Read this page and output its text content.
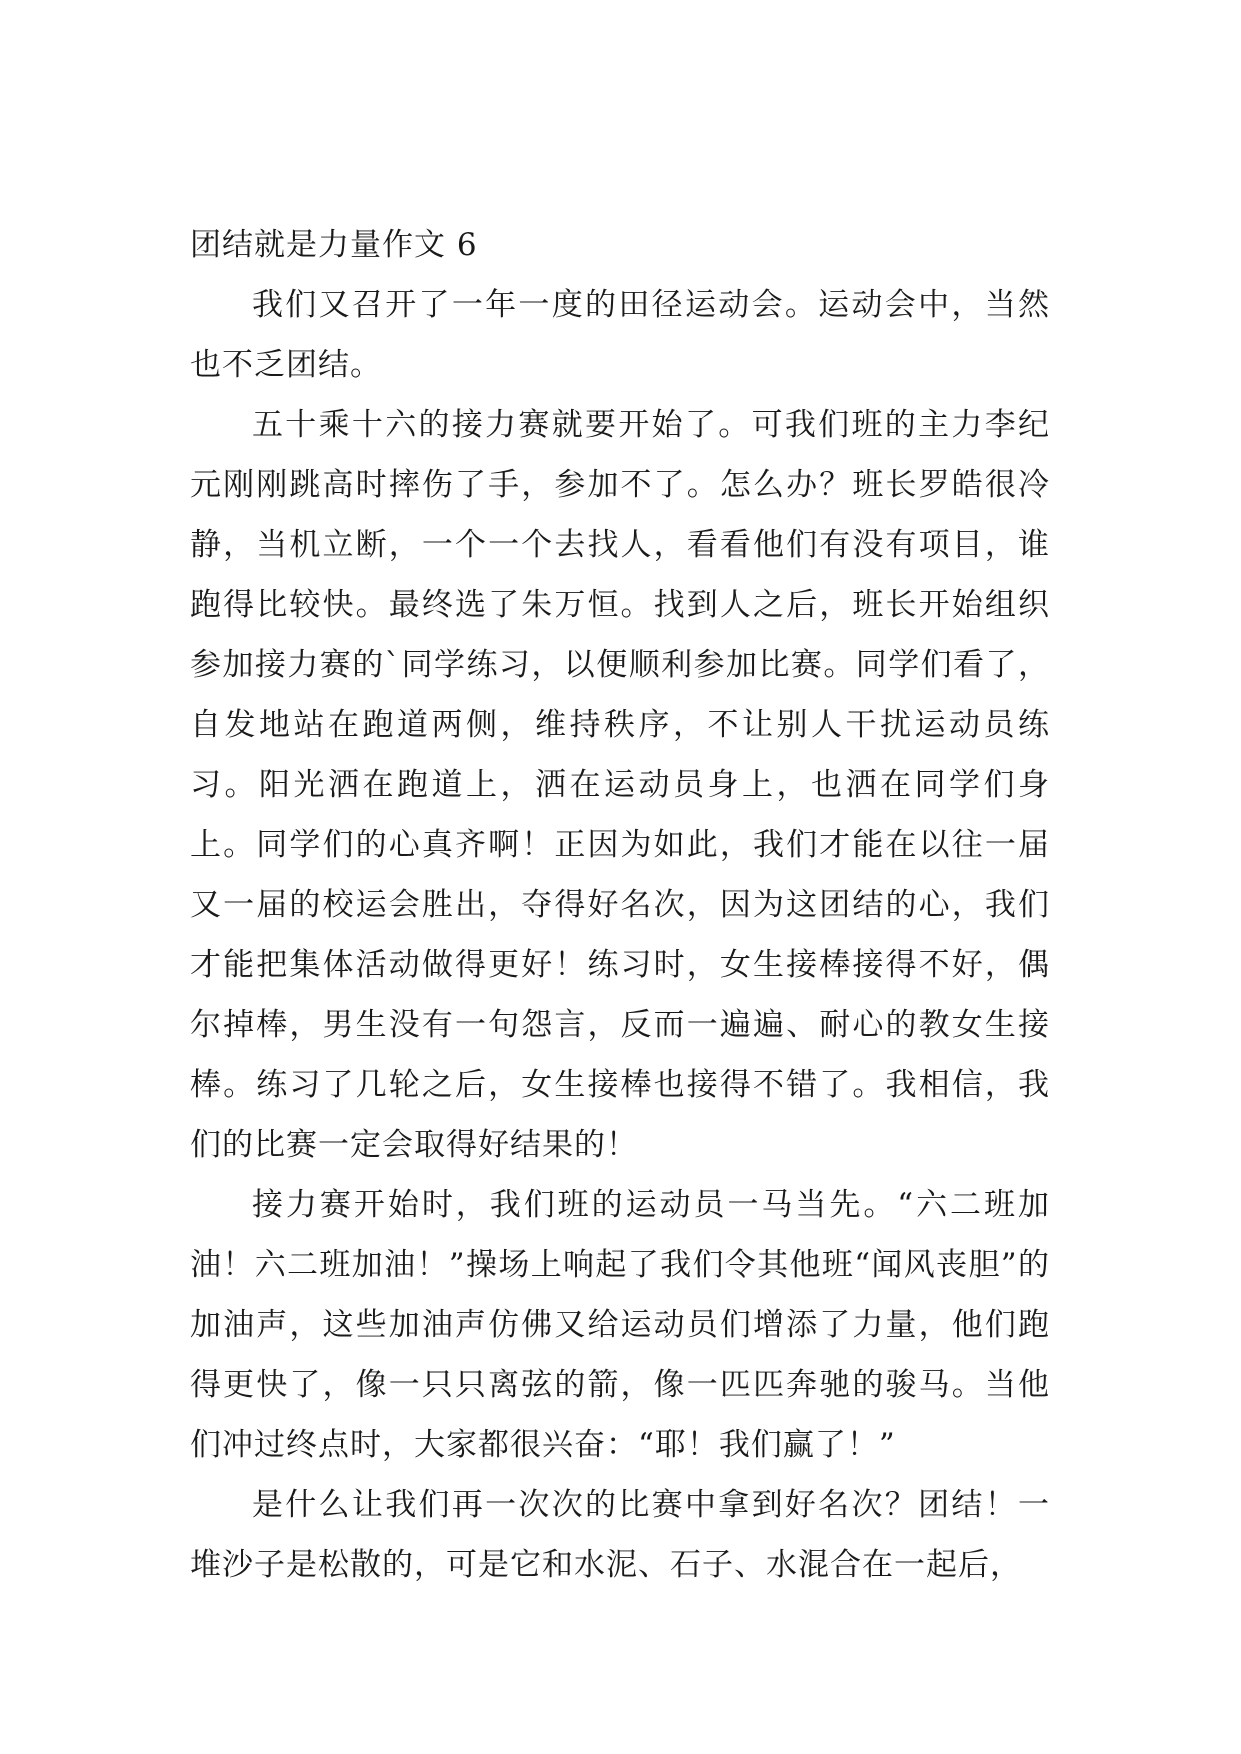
团结就是力量作文 6

我们又召开了一年一度的田径运动会。运动会中，当然也不乏团结。

五十乘十六的接力赛就要开始了。可我们班的主力李纪元刚刚跳高时摔伤了手，参加不了。怎么办？班长罗皓很冷静，当机立断，一个一个去找人，看看他们有没有项目，谁跑得比较快。最终选了朱万恒。找到人之后，班长开始组织参加接力赛的`同学练习，以便顺利参加比赛。同学们看了，自发地站在跑道两侧，维持秩序，不让别人干扰运动员练习。阳光洒在跑道上，洒在运动员身上，也洒在同学们身上。同学们的心真齐啊！正因为如此，我们才能在以往一届又一届的校运会胜出，夺得好名次，因为这团结的心，我们才能把集体活动做得更好！练习时，女生接棒接得不好，偶尔掉棒，男生没有一句怨言，反而一遍遍、耐心的教女生接棒。练习了几轮之后，女生接棒也接得不错了。我相信，我们的比赛一定会取得好结果的！

接力赛开始时，我们班的运动员一马当先。“六二班加油！六二班加油！”操场上响起了我们令其他班“闻风丧胆”的加油声，这些加油声仿佛又给运动员们增添了力量，他们跑得更快了，像一只只离弦的箭，像一匹匹奔驰的骏马。当他们冲过终点时，大家都很兴奋：“耶！我们赢了！”

是什么让我们再一次次的比赛中拿到好名次？团结！一堆沙子是松散的，可是它和水泥、石子、水混合在一起后，
